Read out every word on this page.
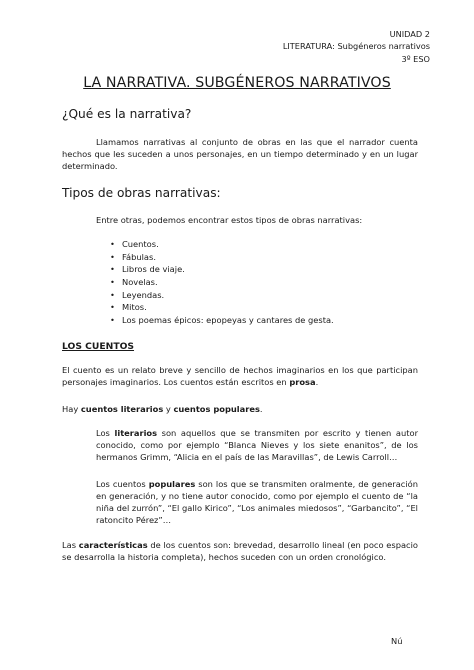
UNIDAD 2
LITERATURA: Subgéneros narrativos
3º ESO
LA NARRATIVA. SUBGÉNEROS NARRATIVOS
¿Qué es la narrativa?
Llamamos narrativas al conjunto de obras en las que el narrador cuenta hechos que les suceden a unos personajes, en un tiempo determinado y en un lugar determinado.
Tipos de obras narrativas:
Entre otras, podemos encontrar estos tipos de obras narrativas:
• Cuentos.
• Fábulas.
• Libros de viaje.
• Novelas.
• Leyendas.
• Mitos.
• Los poemas épicos: epopeyas y cantares de gesta.
LOS CUENTOS
El cuento es un relato breve y sencillo de hechos imaginarios en los que participan personajes imaginarios. Los cuentos están escritos en prosa.
Hay cuentos literarios y cuentos populares.
Los literarios son aquellos que se transmiten por escrito y tienen autor conocido, como por ejemplo “Blanca Nieves y los siete enanitos”, de los hermanos Grimm, “Alicia en el país de las Maravillas”, de Lewis Carroll…
Los cuentos populares son los que se transmiten oralmente, de generación en generación, y no tiene autor conocido, como por ejemplo el cuento de “la niña del zurrón”, “El gallo Kirico”, “Los animales miedosos”, “Garbancito”, “El ratoncito Pérez”…
Las características de los cuentos son: brevedad, desarrollo lineal (en poco espacio se desarrolla la historia completa), hechos suceden con un orden cronológico.
Nú
